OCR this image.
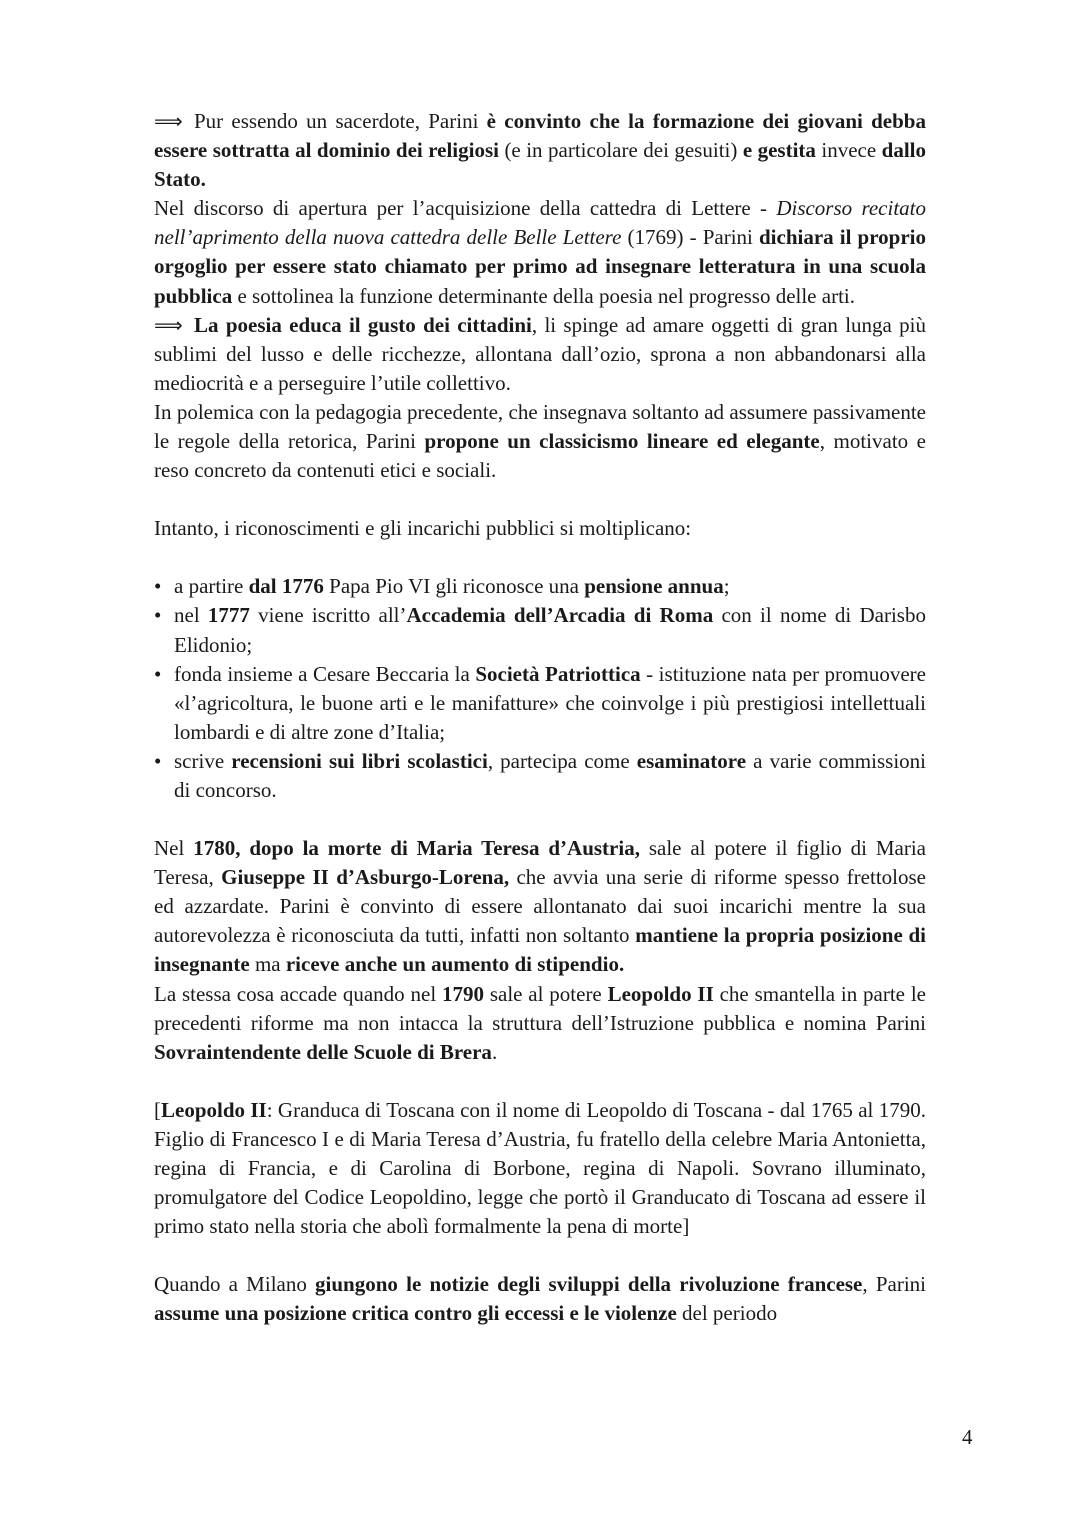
⟹ Pur essendo un sacerdote, Parini è convinto che la formazione dei giovani debba essere sottratta al dominio dei religiosi (e in particolare dei gesuiti) e gestita invece dallo Stato.

Nel discorso di apertura per l’acquisizione della cattedra di Lettere - Discorso recitato nell’aprimento della nuova cattedra delle Belle Lettere (1769) - Parini dichiara il proprio orgoglio per essere stato chiamato per primo ad insegnare letteratura in una scuola pubblica e sottolinea la funzione determinante della poesia nel progresso delle arti.

⟹ La poesia educa il gusto dei cittadini, li spinge ad amare oggetti di gran lunga più sublimi del lusso e delle ricchezze, allontana dall’ozio, sprona a non abbandonarsi alla mediocrità e a perseguire l’utile collettivo.

In polemica con la pedagogia precedente, che insegnava soltanto ad assumere passivamente le regole della retorica, Parini propone un classicismo lineare ed elegante, motivato e reso concreto da contenuti etici e sociali.

Intanto, i riconoscimenti e gli incarichi pubblici si moltiplicano:

• a partire dal 1776 Papa Pio VI gli riconosce una pensione annua;
• nel 1777 viene iscritto all’Accademia dell’Arcadia di Roma con il nome di Darisbo Elidonio;
• fonda insieme a Cesare Beccaria la Società Patriottica - istituzione nata per promuovere «l’agricoltura, le buone arti e le manifatture» che coinvolge i più prestigiosi intellettuali lombardi e di altre zone d’Italia;
• scrive recensioni sui libri scolastici, partecipa come esaminatore a varie commissioni di concorso.

Nel 1780, dopo la morte di Maria Teresa d’Austria, sale al potere il figlio di Maria Teresa, Giuseppe II d’Asburgo-Lorena, che avvia una serie di riforme spesso frettolose ed azzardate. Parini è convinto di essere allontanato dai suoi incarichi mentre la sua autorevolezza è riconosciuta da tutti, infatti non soltanto mantiene la propria posizione di insegnante ma riceve anche un aumento di stipendio.

La stessa cosa accade quando nel 1790 sale al potere Leopoldo II che smantella in parte le precedenti riforme ma non intacca la struttura dell’Istruzione pubblica e nomina Parini Sovraintendente delle Scuole di Brera.

[Leopoldo II: Granduca di Toscana con il nome di Leopoldo di Toscana - dal 1765 al 1790. Figlio di Francesco I e di Maria Teresa d’Austria, fu fratello della celebre Maria Antonietta, regina di Francia, e di Carolina di Borbone, regina di Napoli. Sovrano illuminato, promulgatore del Codice Leopoldino, legge che portò il Granducato di Toscana ad essere il primo stato nella storia che abolì formalmente la pena di morte]

Quando a Milano giungono le notizie degli sviluppi della rivoluzione francese, Parini assume una posizione critica contro gli eccessi e le violenze del periodo

4
